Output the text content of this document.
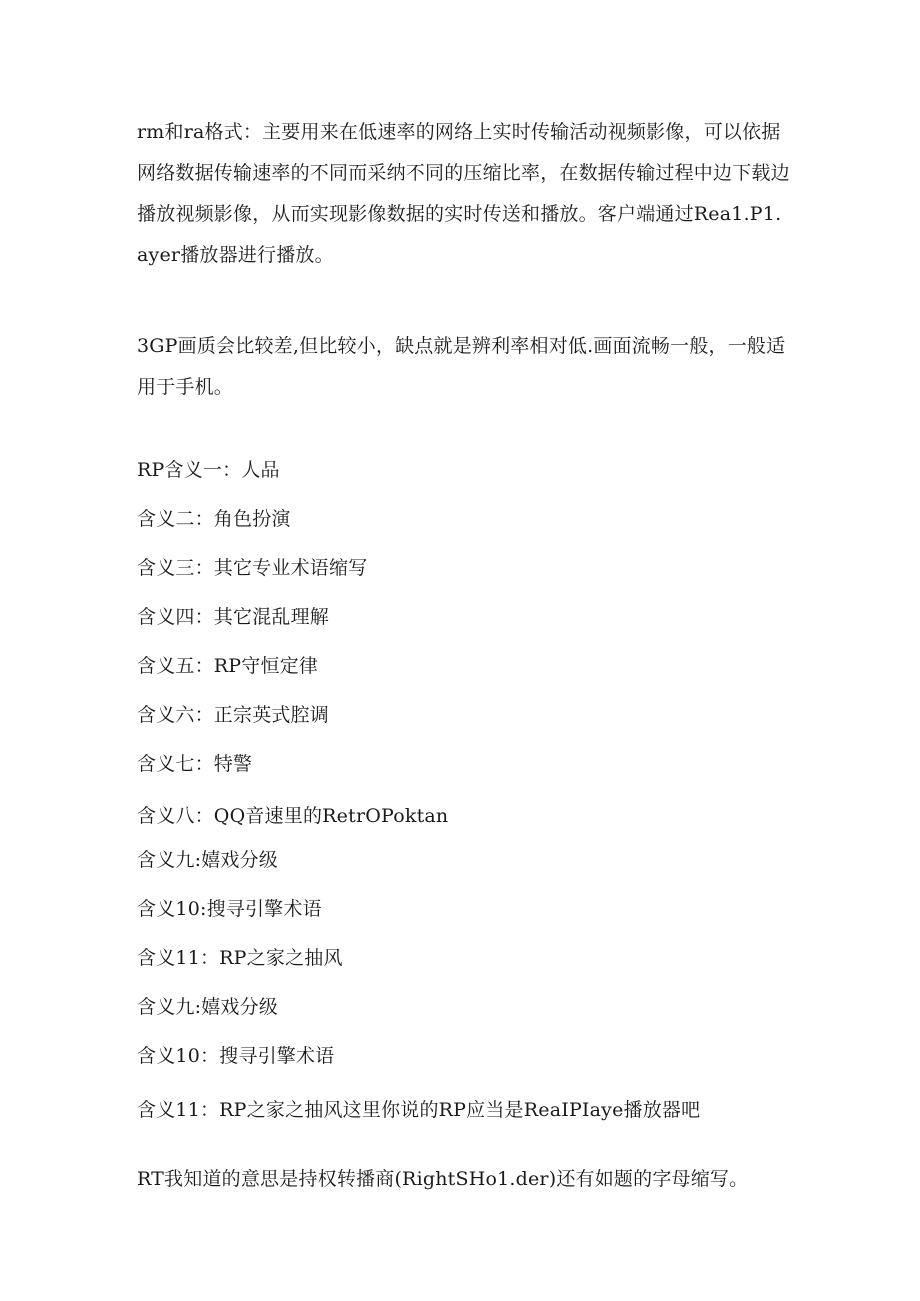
rm和ra格式：主要用来在低速率的网络上实时传输活动视频影像，可以依据网络数据传输速率的不同而采纳不同的压缩比率，在数据传输过程中边下载边播放视频影像，从而实现影像数据的实时传送和播放。客户端通过Rea1.P1.ayer播放器进行播放。

3GP画质会比较差,但比较小，缺点就是辨利率相对低.画面流畅一般，一般适用于手机。

RP含义一：人品

含义二：角色扮演

含义三：其它专业术语缩写

含义四：其它混乱理解

含义五：RP守恒定律

含义六：正宗英式腔调

含义七：特警

含义八：QQ音速里的RetrOPoktan

含义九:嬉戏分级

含义10:搜寻引擎术语

含义11：RP之家之抽风

含义九:嬉戏分级

含义10：搜寻引擎术语

含义11：RP之家之抽风这里你说的RP应当是ReaIPIaye播放器吧

RT我知道的意思是持权转播商(RightSHo1.der)还有如题的字母缩写。
